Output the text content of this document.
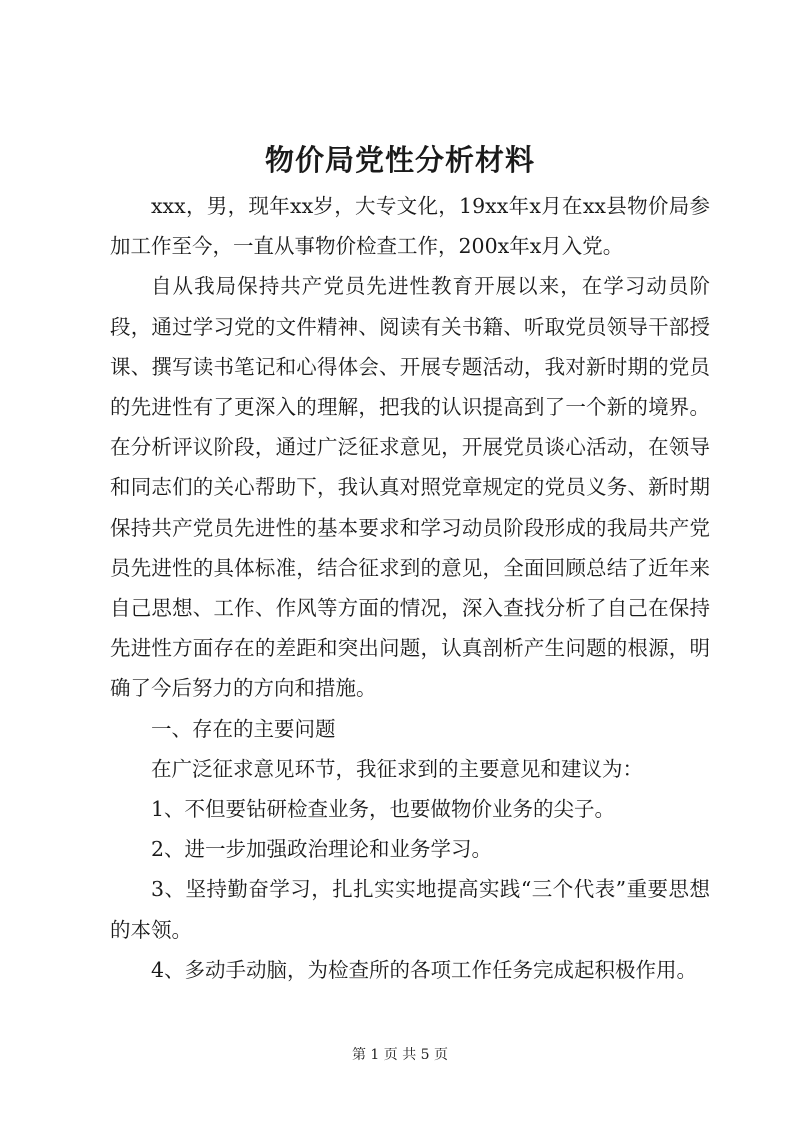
物价局党性分析材料

xxx，男，现年xx岁，大专文化，19xx年x月在xx县物价局参加工作至今，一直从事物价检查工作，200x年x月入党。

自从我局保持共产党员先进性教育开展以来，在学习动员阶段，通过学习党的文件精神、阅读有关书籍、听取党员领导干部授课、撰写读书笔记和心得体会、开展专题活动，我对新时期的党员的先进性有了更深入的理解，把我的认识提高到了一个新的境界。在分析评议阶段，通过广泛征求意见，开展党员谈心活动，在领导和同志们的关心帮助下，我认真对照党章规定的党员义务、新时期保持共产党员先进性的基本要求和学习动员阶段形成的我局共产党员先进性的具体标准，结合征求到的意见，全面回顾总结了近年来自己思想、工作、作风等方面的情况，深入查找分析了自己在保持先进性方面存在的差距和突出问题，认真剖析产生问题的根源，明确了今后努力的方向和措施。

一、存在的主要问题

在广泛征求意见环节，我征求到的主要意见和建议为：

1、不但要钻研检查业务，也要做物价业务的尖子。

2、进一步加强政治理论和业务学习。

3、坚持勤奋学习，扎扎实实地提高实践“三个代表”重要思想的本领。

4、多动手动脑，为检查所的各项工作任务完成起积极作用。

第 1 页 共 5 页
